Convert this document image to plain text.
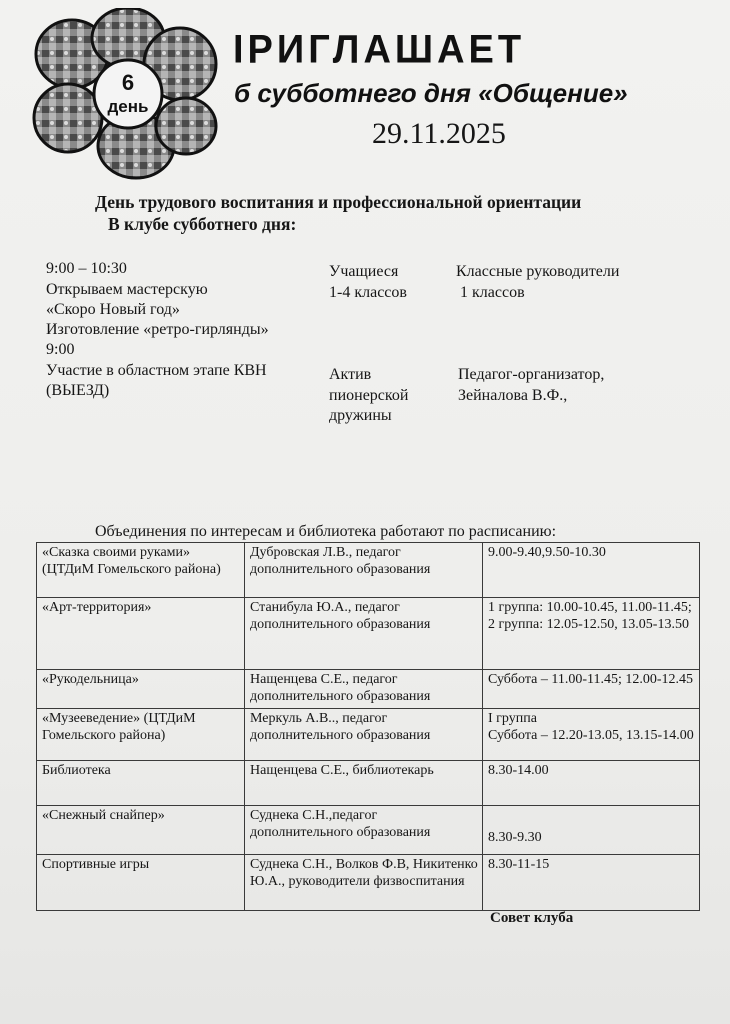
6
день
ІРИГЛАШАЕТ
б субботнего дня «Общение»
29.11.2025
День трудового воспитания и профессиональной ориентации
В клубе субботнего дня:
9:00 – 10:30
Открываем мастерскую
«Скоро Новый год»
Изготовление «ретро-гирлянды»
Учащиеся
1-4 классов
Классные руководители
1 классов
9:00
Участие в областном этапе КВН
(ВЫЕЗД)
Актив
пионерской
дружины
Педагог-организатор,
Зейналова В.Ф.,
Объединения по интересам и библиотека работают по расписанию:
«Сказка своими руками» (ЦТДиМ Гомельского района)	Дубровская Л.В., педагог дополнительного образования	9.00-9.40,9.50-10.30
«Арт-территория»	Станибула Ю.А., педагог дополнительного образования	1 группа: 10.00-10.45, 11.00-11.45;
2 группа: 12.05-12.50, 13.05-13.50
«Рукодельница»	Нащенцева С.Е., педагог дополнительного образования	Суббота – 11.00-11.45; 12.00-12.45
«Музееведение» (ЦТДиМ Гомельского района)	Меркуль А.В.., педагог дополнительного образования	I группа
Суббота – 12.20-13.05, 13.15-14.00
Библиотека	Нащенцева С.Е., библиотекарь	8.30-14.00
«Снежный снайпер»	Суднека С.Н.,педагог дополнительного образования	8.30-9.30
Спортивные игры	Суднека С.Н., Волков Ф.В, Никитенко Ю.А., руководители физвоспитания	8.30-11-15
Совет клуба
